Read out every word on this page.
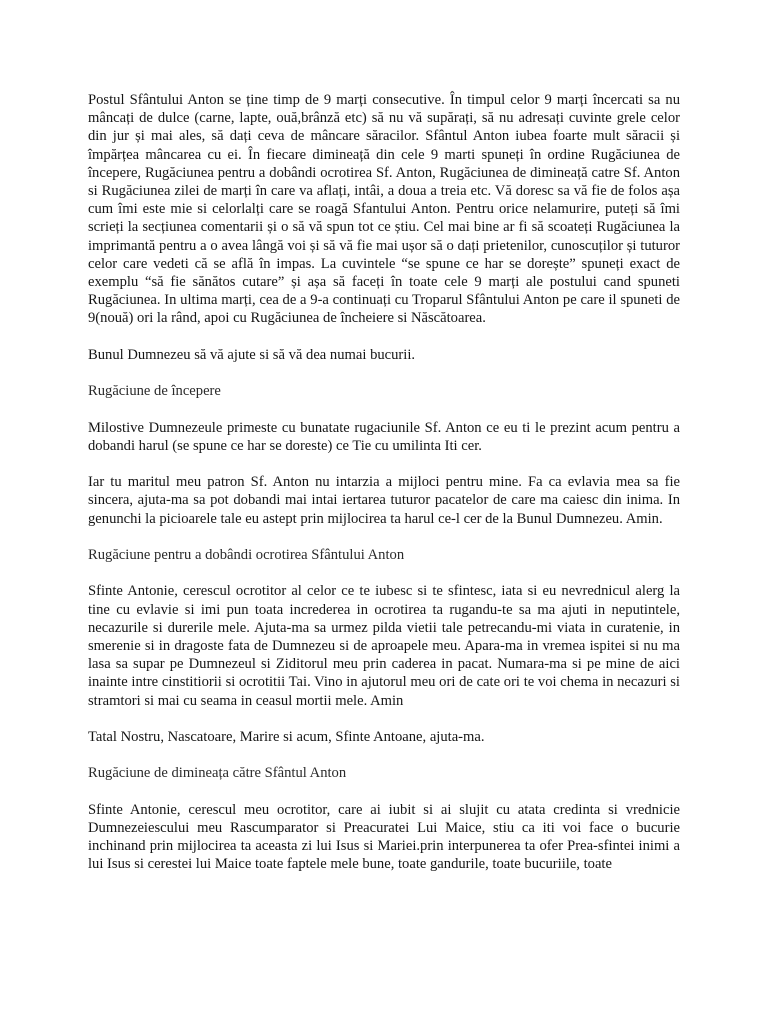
Postul Sfântului Anton se ține timp de 9 marți consecutive. În timpul celor 9 marți încercati sa nu mâncați de dulce (carne, lapte, ouă,brânză etc) să nu vă supărați, să nu adresați cuvinte grele celor din jur și mai ales, să dați ceva de mâncare săracilor. Sfântul Anton iubea foarte mult săracii și împărțea mâncarea cu ei. În fiecare dimineață din cele 9 marti spuneți în ordine Rugăciunea de începere, Rugăciunea pentru a dobândi ocrotirea Sf. Anton, Rugăciunea de dimineață catre Sf. Anton si Rugăciunea zilei de marți în care va aflați, intâi, a doua a treia etc. Vă doresc sa vă fie de folos așa cum îmi este mie si celorlalți care se roagă Sfantului Anton. Pentru orice nelamurire, puteți să îmi scrieți la secțiunea comentarii și o să vă spun tot ce știu. Cel mai bine ar fi să scoateți Rugăciunea la imprimantă pentru a o avea lângă voi și să vă fie mai ușor să o dați prietenilor, cunoscuților și tuturor celor care vedeti că se află în impas. La cuvintele “se spune ce har se dorește” spuneți exact de exemplu “să fie sănătos cutare” și așa să faceți în toate cele 9 marți ale postului cand spuneti Rugăciunea. In ultima marți, cea de a 9-a continuați cu Troparul Sfântului Anton pe care il spuneti de 9(nouă) ori la rând, apoi cu Rugăciunea de încheiere si Născătoarea.

Bunul Dumnezeu să vă ajute si să vă dea numai bucurii.

Rugăciune de începere

Milostive Dumnezeule primeste cu bunatate rugaciunile Sf. Anton ce eu ti le prezint acum pentru a dobandi harul (se spune ce har se doreste) ce Tie cu umilinta Iti cer.

Iar tu maritul meu patron Sf. Anton nu intarzia a mijloci pentru mine. Fa ca evlavia mea sa fie sincera, ajuta-ma sa pot dobandi mai intai iertarea tuturor pacatelor de care ma caiesc din inima. In genunchi la picioarele tale eu astept prin mijlocirea ta harul ce-l cer de la Bunul Dumnezeu. Amin.

Rugăciune pentru a dobândi ocrotirea Sfântului Anton

Sfinte Antonie, cerescul ocrotitor al celor ce te iubesc si te sfintesc, iata si eu nevrednicul alerg la tine cu evlavie si imi pun toata increderea in ocrotirea ta rugandu-te sa ma ajuti in neputintele, necazurile si durerile mele. Ajuta-ma sa urmez pilda vietii tale petrecandu-mi viata in curatenie, in smerenie si in dragoste fata de Dumnezeu si de aproapele meu. Apara-ma in vremea ispitei si nu ma lasa sa supar pe Dumnezeul si Ziditorul meu prin caderea in pacat. Numara-ma si pe mine de aici inainte intre cinstitiorii si ocrotitii Tai. Vino in ajutorul meu ori de cate ori te voi chema in necazuri si stramtori si mai cu seama in ceasul mortii mele. Amin

Tatal Nostru, Nascatoare, Marire si acum, Sfinte Antoane, ajuta-ma.

Rugăciune de dimineața către Sfântul Anton

Sfinte Antonie, cerescul meu ocrotitor, care ai iubit si ai slujit cu atata credinta si vrednicie Dumnezeiescului meu Rascumparator si Preacuratei Lui Maice, stiu ca iti voi face o bucurie inchinand prin mijlocirea ta aceasta zi lui Isus si Mariei.prin interpunerea ta ofer Prea-sfintei inimi a lui Isus si cerestei lui Maice toate faptele mele bune, toate gandurile, toate bucuriile, toate
